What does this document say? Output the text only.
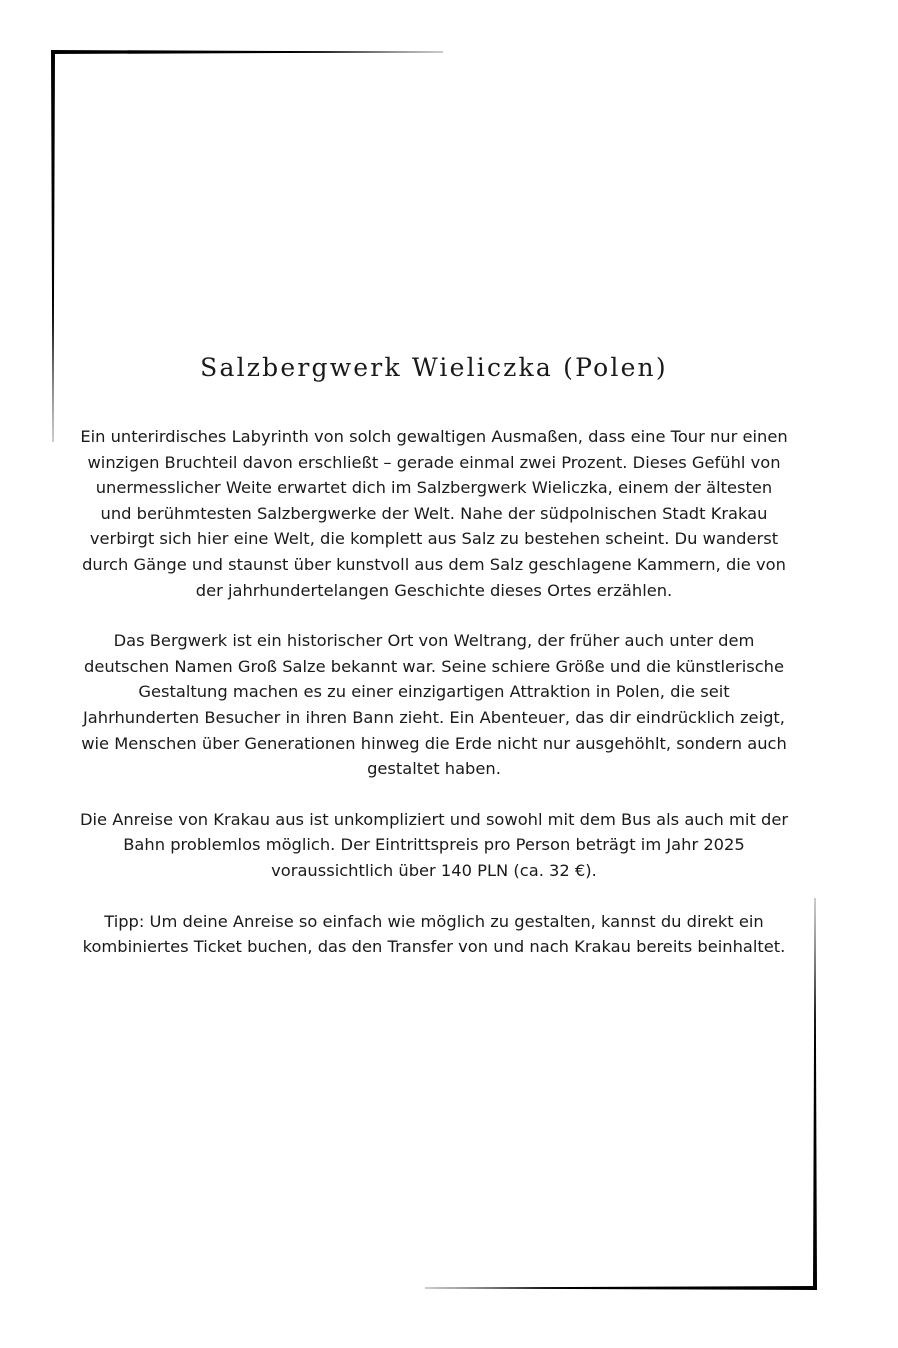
Salzbergwerk Wieliczka (Polen)

Ein unterirdisches Labyrinth von solch gewaltigen Ausmaßen, dass eine Tour nur einen winzigen Bruchteil davon erschließt – gerade einmal zwei Prozent. Dieses Gefühl von unermesslicher Weite erwartet dich im Salzbergwerk Wieliczka, einem der ältesten und berühmtesten Salzbergwerke der Welt. Nahe der südpolnischen Stadt Krakau verbirgt sich hier eine Welt, die komplett aus Salz zu bestehen scheint. Du wanderst durch Gänge und staunst über kunstvoll aus dem Salz geschlagene Kammern, die von der jahrhundertelangen Geschichte dieses Ortes erzählen.

Das Bergwerk ist ein historischer Ort von Weltrang, der früher auch unter dem deutschen Namen Groß Salze bekannt war. Seine schiere Größe und die künstlerische Gestaltung machen es zu einer einzigartigen Attraktion in Polen, die seit Jahrhunderten Besucher in ihren Bann zieht. Ein Abenteuer, das dir eindrücklich zeigt, wie Menschen über Generationen hinweg die Erde nicht nur ausgehöhlt, sondern auch gestaltet haben.

Die Anreise von Krakau aus ist unkompliziert und sowohl mit dem Bus als auch mit der Bahn problemlos möglich. Der Eintrittspreis pro Person beträgt im Jahr 2025 voraussichtlich über 140 PLN (ca. 32 €).

Tipp: Um deine Anreise so einfach wie möglich zu gestalten, kannst du direkt ein kombiniertes Ticket buchen, das den Transfer von und nach Krakau bereits beinhaltet.
